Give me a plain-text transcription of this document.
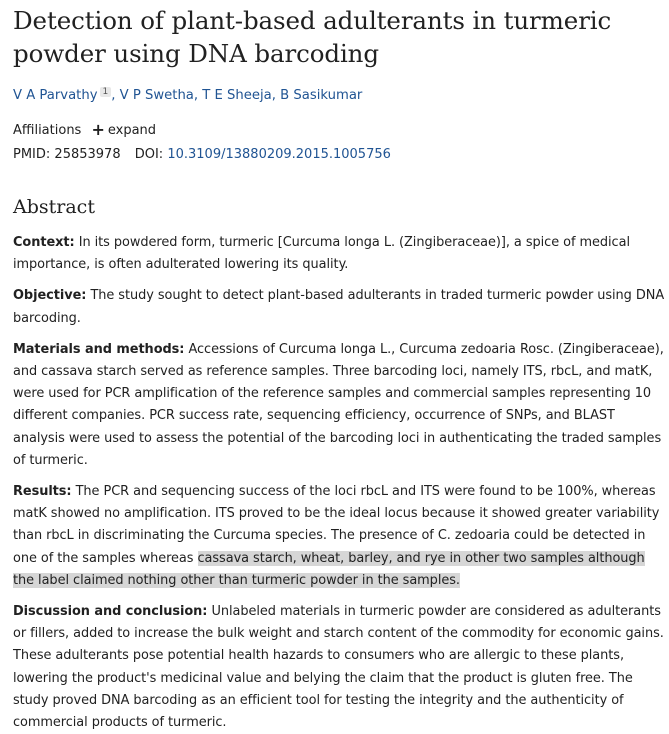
Detection of plant-based adulterants in turmeric powder using DNA barcoding
V A Parvathy $^1$ , V P Swetha, T E Sheeja, B Sasikumar
Affiliations + expand
PMID: 25853978 DOI: 10.3109/13880209.2015.1005756
Abstract

Context: In its powdered form, turmeric [Curcuma longa L. (Zingiberaceae)], a spice of medical importance, is often adulterated lowering its quality.

Objective: The study sought to detect plant-based adulterants in traded turmeric powder using DNA barcoding.

Materials and methods: Accessions of Curcuma longa L., Curcuma zedoaria Rosc. (Zingiberaceae), and cassava starch served as reference samples. Three barcoding loci, namely ITS, rbcL, and matK, were used for PCR amplification of the reference samples and commercial samples representing 10 different companies. PCR success rate, sequencing efficiency, occurrence of SNPs, and BLAST analysis were used to assess the potential of the barcoding loci in authenticating the traded samples of turmeric.

Results: The PCR and sequencing success of the loci rbcL and ITS were found to be 100%, whereas matK showed no amplification. ITS proved to be the ideal locus because it showed greater variability than rbcL in discriminating the Curcuma species. The presence of C. zedoaria could be detected in one of the samples whereas cassava starch, wheat, barley, and rye in other two samples although the label claimed nothing other than turmeric powder in the samples.

Discussion and conclusion: Unlabeled materials in turmeric powder are considered as adulterants or fillers, added to increase the bulk weight and starch content of the commodity for economic gains. These adulterants pose potential health hazards to consumers who are allergic to these plants, lowering the product's medicinal value and belying the claim that the product is gluten free. The study proved DNA barcoding as an efficient tool for testing the integrity and the authenticity of commercial products of turmeric.
